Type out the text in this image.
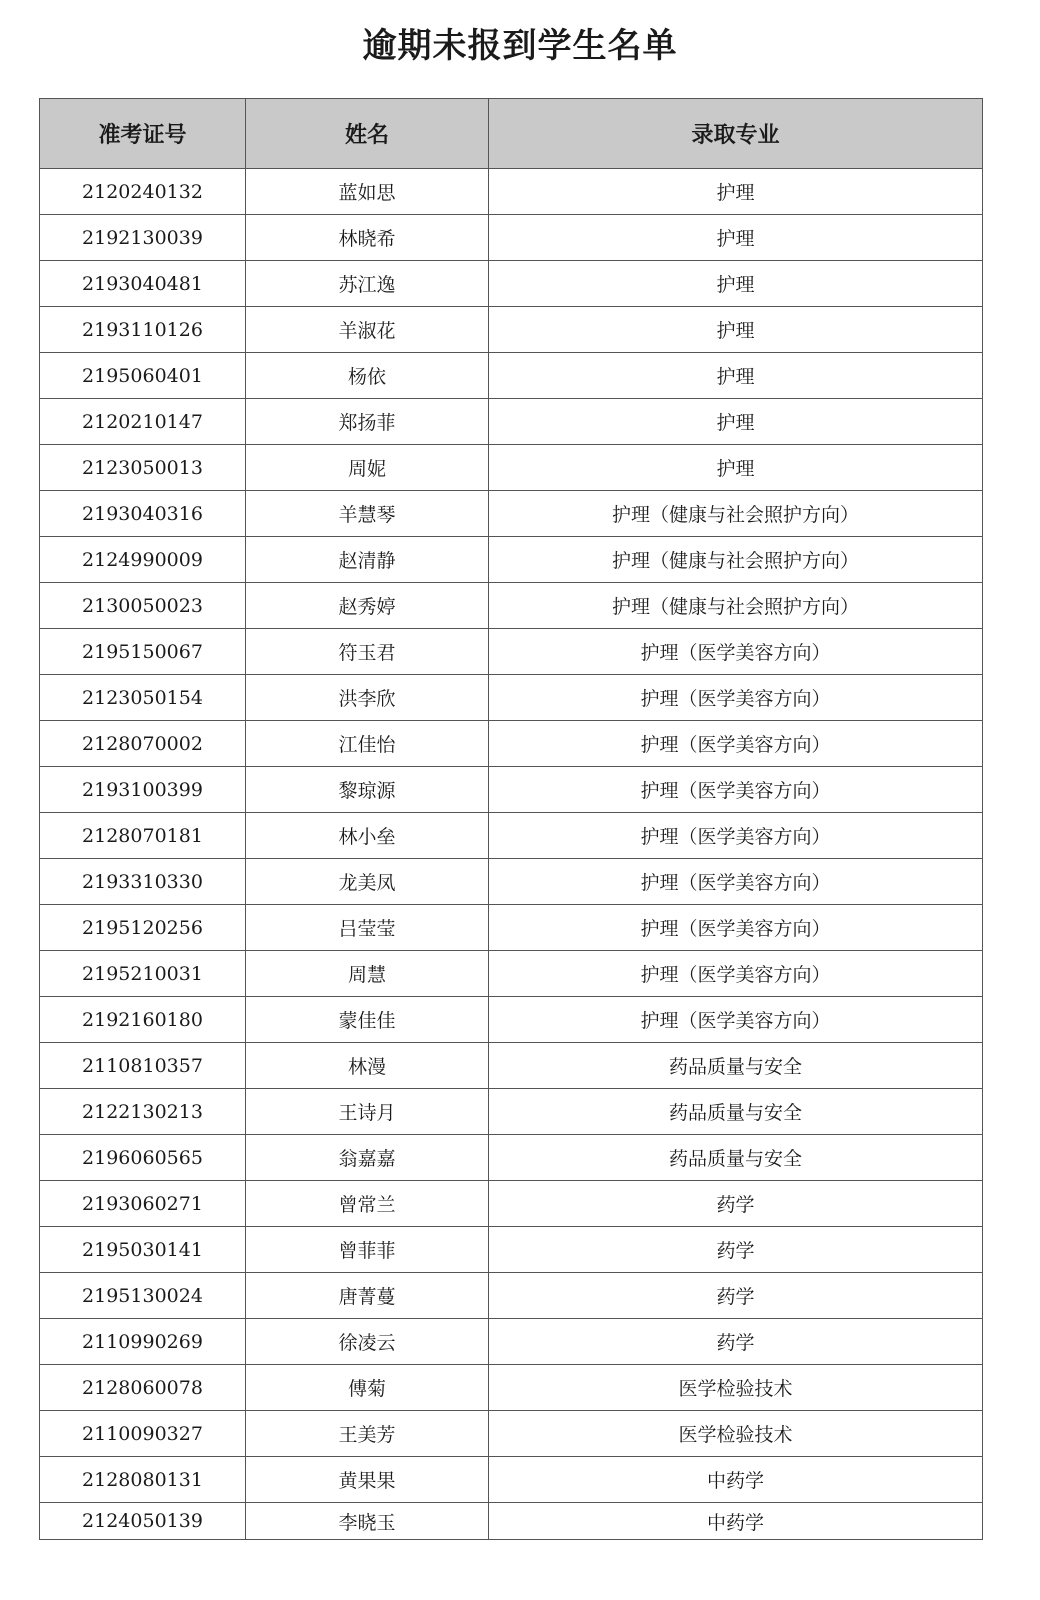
逾期未报到学生名单
准考证号	姓名	录取专业
2120240132	蓝如思	护理
2192130039	林晓希	护理
2193040481	苏江逸	护理
2193110126	羊淑花	护理
2195060401	杨依	护理
2120210147	郑扬菲	护理
2123050013	周妮	护理
2193040316	羊慧琴	护理（健康与社会照护方向）
2124990009	赵清静	护理（健康与社会照护方向）
2130050023	赵秀婷	护理（健康与社会照护方向）
2195150067	符玉君	护理（医学美容方向）
2123050154	洪李欣	护理（医学美容方向）
2128070002	江佳怡	护理（医学美容方向）
2193100399	黎琼源	护理（医学美容方向）
2128070181	林小垒	护理（医学美容方向）
2193310330	龙美凤	护理（医学美容方向）
2195120256	吕莹莹	护理（医学美容方向）
2195210031	周慧	护理（医学美容方向）
2192160180	蒙佳佳	护理（医学美容方向）
2110810357	林漫	药品质量与安全
2122130213	王诗月	药品质量与安全
2196060565	翁嘉嘉	药品质量与安全
2193060271	曾常兰	药学
2195030141	曾菲菲	药学
2195130024	唐菁蔓	药学
2110990269	徐凌云	药学
2128060078	傅菊	医学检验技术
2110090327	王美芳	医学检验技术
2128080131	黄果果	中药学
2124050139	李晓玉	中药学
